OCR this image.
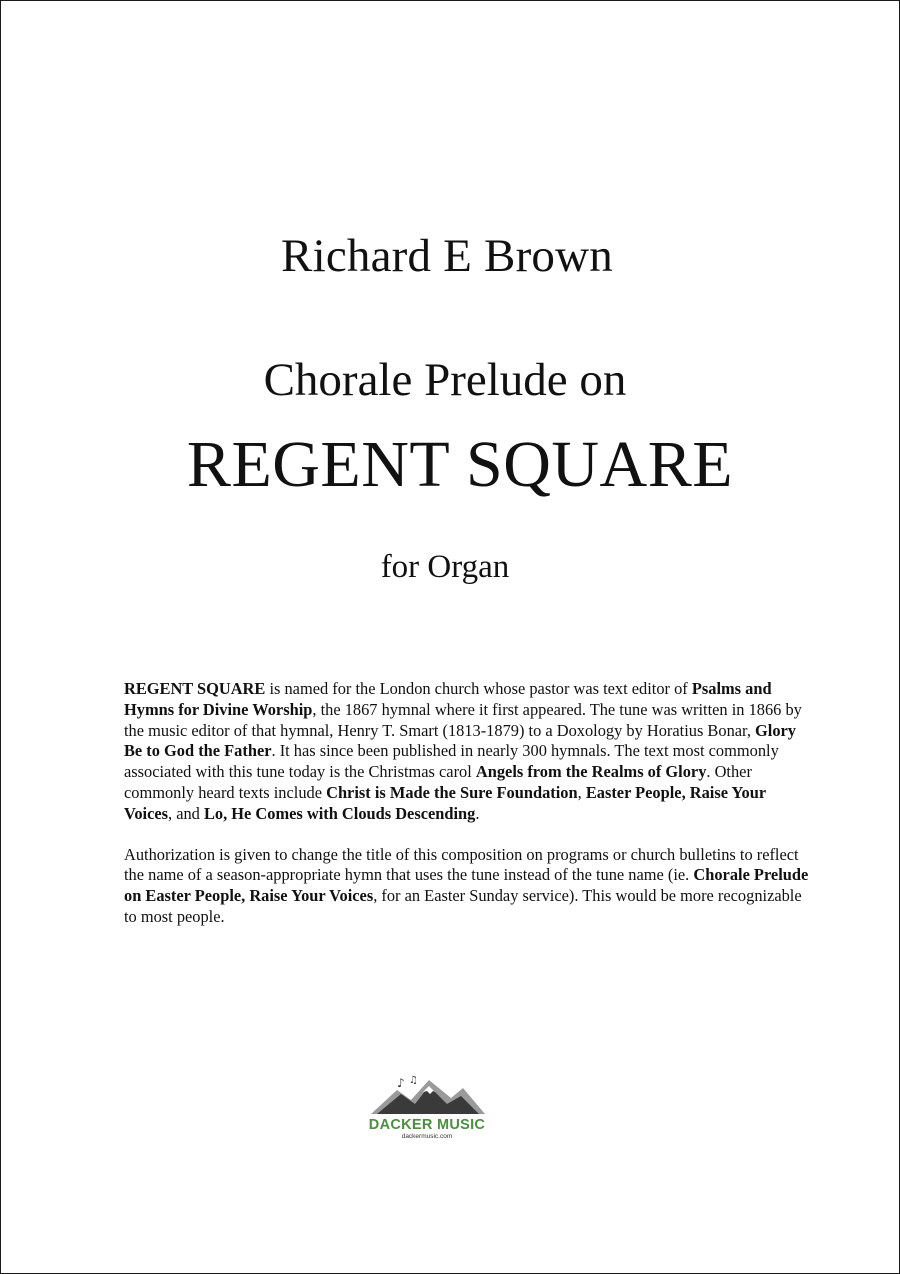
Richard E Brown
Chorale Prelude on
REGENT SQUARE
for Organ

REGENT SQUARE is named for the London church whose pastor was text editor of Psalms and Hymns for Divine Worship, the 1867 hymnal where it first appeared. The tune was written in 1866 by the music editor of that hymnal, Henry T. Smart (1813-1879) to a Doxology by Horatius Bonar, Glory Be to God the Father. It has since been published in nearly 300 hymnals. The text most commonly associated with this tune today is the Christmas carol Angels from the Realms of Glory. Other commonly heard texts include Christ is Made the Sure Foundation, Easter People, Raise Your Voices, and Lo, He Comes with Clouds Descending.

Authorization is given to change the title of this composition on programs or church bulletins to reflect the name of a season-appropriate hymn that uses the tune instead of the tune name (ie. Chorale Prelude on Easter People, Raise Your Voices, for an Easter Sunday service). This would be more recognizable to most people.

♪ ♫
DACKER MUSIC
dackermusic.com
